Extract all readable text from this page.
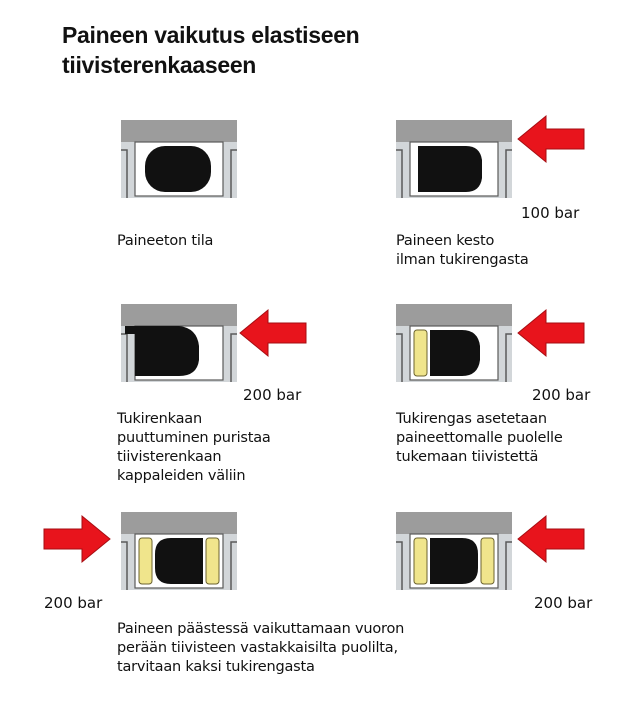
Paineen vaikutus elastiseen
tiivisterenkaaseen
Paineeton tila
100 bar
Paineen kesto
ilman tukirengasta
200 bar
Tukirenkaan
puuttuminen puristaa
tiivisterenkaan
kappaleiden väliin
200 bar
Tukirengas asetetaan
paineettomalle puolelle
tukemaan tiivistettä
200 bar	200 bar
Paineen päästessä vaikuttamaan vuoron
perään tiivisteen vastakkaisilta puolilta,
tarvitaan kaksi tukirengasta
